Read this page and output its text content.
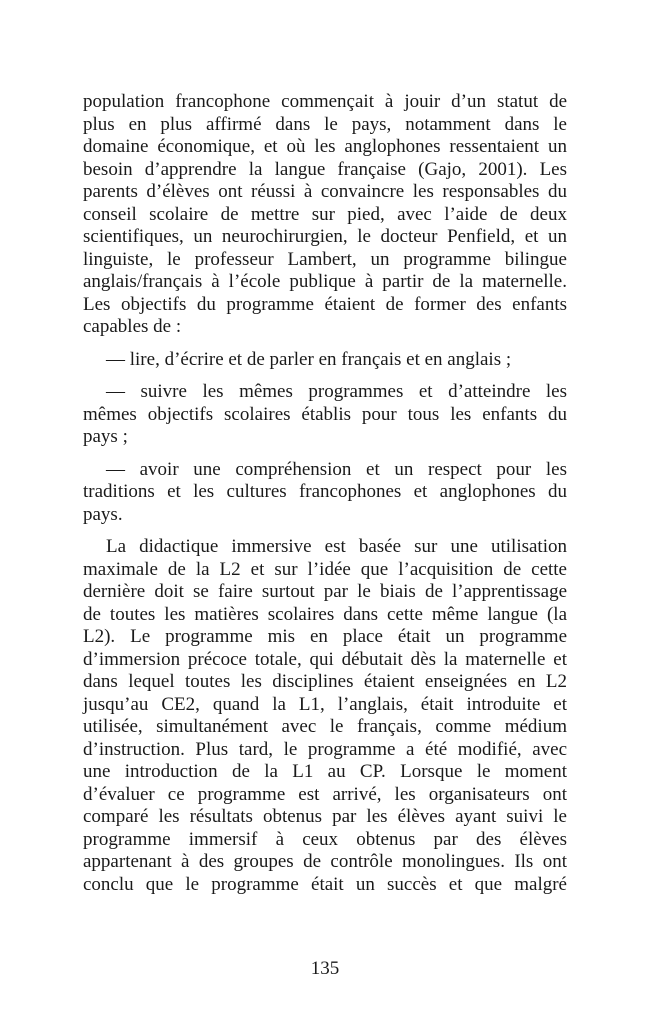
population francophone commençait à jouir d’un statut de
plus en plus affirmé dans le pays, notamment dans le
domaine économique, et où les anglophones ressentaient un
besoin d’apprendre la langue française (Gajo, 2001). Les
parents d’élèves ont réussi à convaincre les responsables du
conseil scolaire de mettre sur pied, avec l’aide de deux
scientifiques, un neurochirurgien, le docteur Penfield, et un
linguiste, le professeur Lambert, un programme bilingue
anglais/français à l’école publique à partir de la maternelle.
Les objectifs du programme étaient de former des enfants
capables de :
— lire, d’écrire et de parler en français et en anglais ;
— suivre les mêmes programmes et d’atteindre les
mêmes objectifs scolaires établis pour tous les enfants du
pays ;
— avoir une compréhension et un respect pour les
traditions et les cultures francophones et anglophones du
pays.
La didactique immersive est basée sur une utilisation
maximale de la L2 et sur l’idée que l’acquisition de cette
dernière doit se faire surtout par le biais de l’apprentissage
de toutes les matières scolaires dans cette même langue (la
L2). Le programme mis en place était un programme
d’immersion précoce totale, qui débutait dès la maternelle et
dans lequel toutes les disciplines étaient enseignées en L2
jusqu’au CE2, quand la L1, l’anglais, était introduite et
utilisée, simultanément avec le français, comme médium
d’instruction. Plus tard, le programme a été modifié, avec
une introduction de la L1 au CP. Lorsque le moment
d’évaluer ce programme est arrivé, les organisateurs ont
comparé les résultats obtenus par les élèves ayant suivi le
programme immersif à ceux obtenus par des élèves
appartenant à des groupes de contrôle monolingues. Ils ont
conclu que le programme était un succès et que malgré
135
